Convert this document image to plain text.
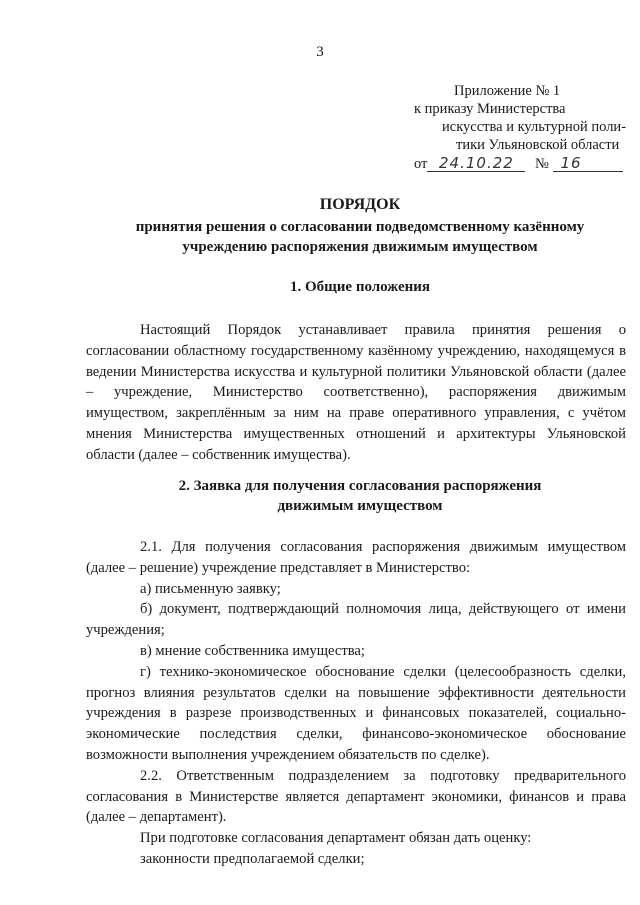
3
Приложение № 1
к приказу Министерства
искусства и культурной поли-
тики Ульяновской области
от 24.10.22 № 16
ПОРЯДОК
принятия решения о согласовании подведомственному казённому
учреждению распоряжения движимым имуществом
1. Общие положения

Настоящий Порядок устанавливает правила принятия решения о согласовании областному государственному казённому учреждению, находящемуся в ведении Министерства искусства и культурной политики Ульяновской области (далее – учреждение, Министерство соответственно), распоряжения движимым имуществом, закреплённым за ним на праве оперативного управления, с учётом мнения Министерства имущественных отношений и архитектуры Ульяновской области (далее – собственник имущества).

2. Заявка для получения согласования распоряжения
движимым имуществом

2.1. Для получения согласования распоряжения движимым имуществом (далее – решение) учреждение представляет в Министерство:

а) письменную заявку;

б) документ, подтверждающий полномочия лица, действующего от имени учреждения;

в) мнение собственника имущества;

г) технико-экономическое обоснование сделки (целесообразность сделки, прогноз влияния результатов сделки на повышение эффективности деятельности учреждения в разрезе производственных и финансовых показателей, социально-экономические последствия сделки, финансово-экономическое обоснование возможности выполнения учреждением обязательств по сделке).

2.2. Ответственным подразделением за подготовку предварительного согласования в Министерстве является департамент экономики, финансов и права (далее – департамент).

При подготовке согласования департамент обязан дать оценку:

законности предполагаемой сделки;
